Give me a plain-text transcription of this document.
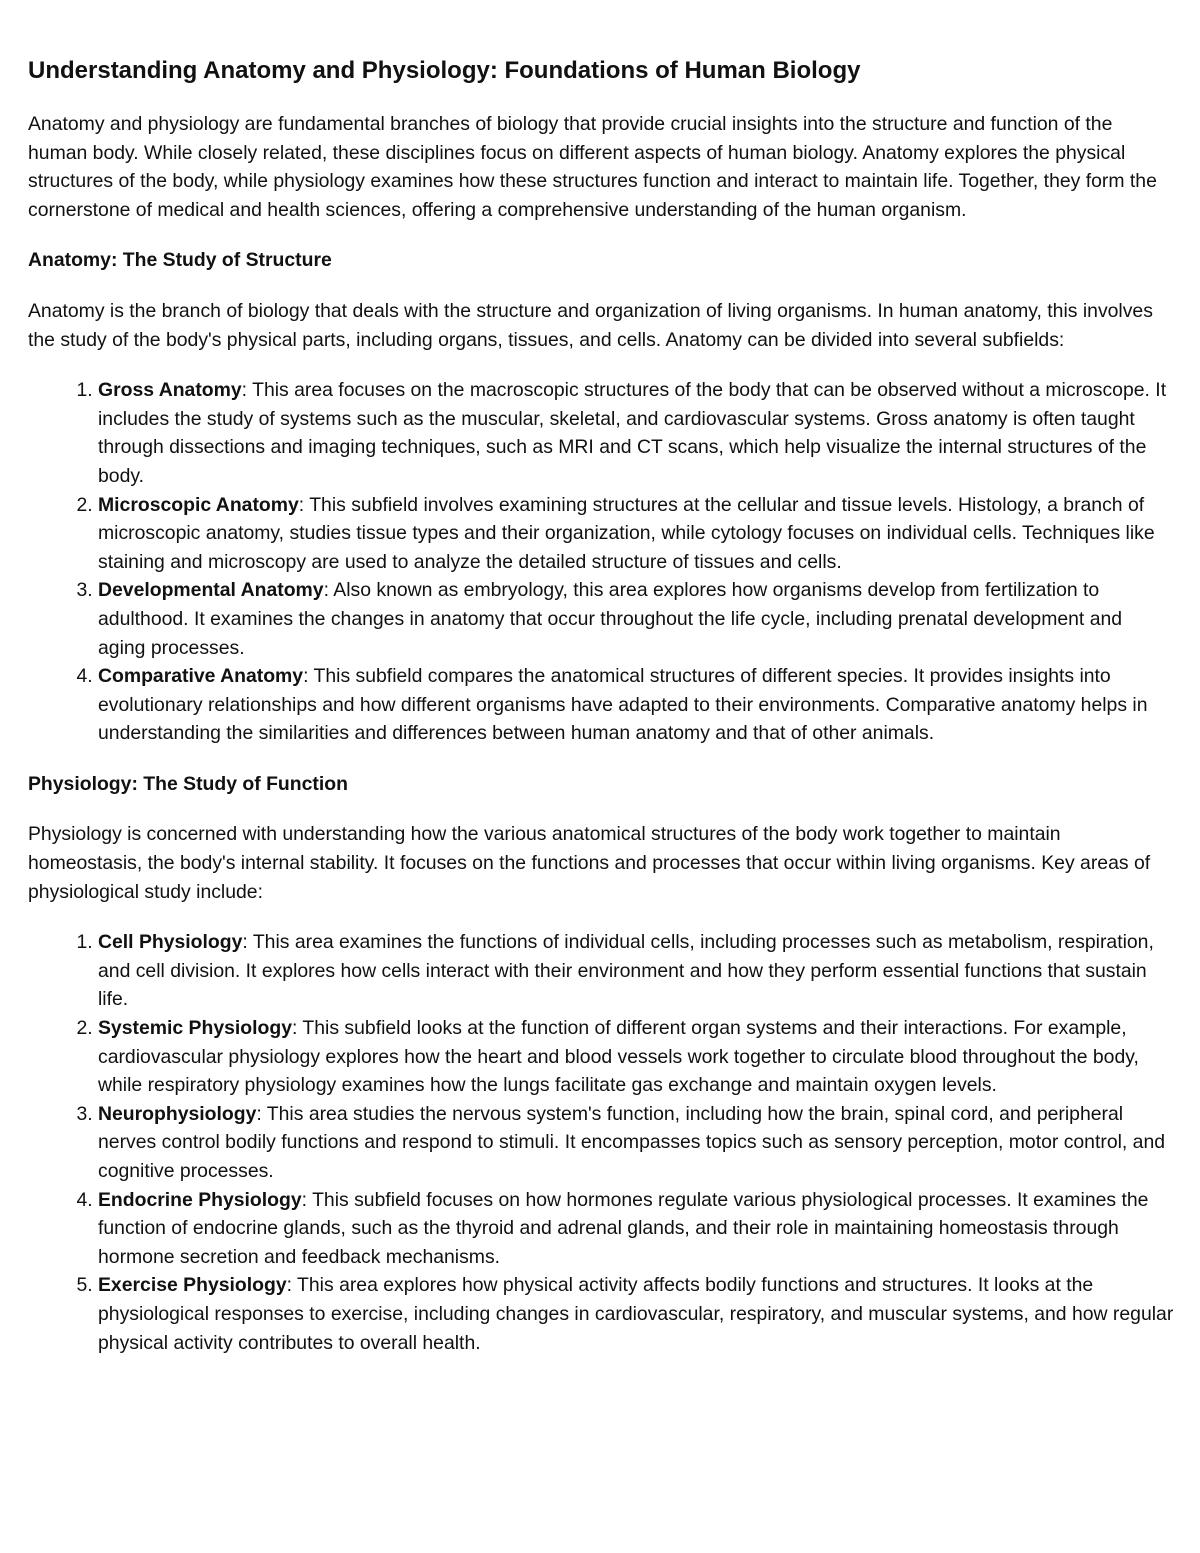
Understanding Anatomy and Physiology: Foundations of Human Biology

Anatomy and physiology are fundamental branches of biology that provide crucial insights into the structure and function of the human body. While closely related, these disciplines focus on different aspects of human biology. Anatomy explores the physical structures of the body, while physiology examines how these structures function and interact to maintain life. Together, they form the cornerstone of medical and health sciences, offering a comprehensive understanding of the human organism.

Anatomy: The Study of Structure

Anatomy is the branch of biology that deals with the structure and organization of living organisms. In human anatomy, this involves the study of the body's physical parts, including organs, tissues, and cells. Anatomy can be divided into several subfields:

1. Gross Anatomy: This area focuses on the macroscopic structures of the body that can be observed without a microscope. It includes the study of systems such as the muscular, skeletal, and cardiovascular systems. Gross anatomy is often taught through dissections and imaging techniques, such as MRI and CT scans, which help visualize the internal structures of the body.
2. Microscopic Anatomy: This subfield involves examining structures at the cellular and tissue levels. Histology, a branch of microscopic anatomy, studies tissue types and their organization, while cytology focuses on individual cells. Techniques like staining and microscopy are used to analyze the detailed structure of tissues and cells.
3. Developmental Anatomy: Also known as embryology, this area explores how organisms develop from fertilization to adulthood. It examines the changes in anatomy that occur throughout the life cycle, including prenatal development and aging processes.
4. Comparative Anatomy: This subfield compares the anatomical structures of different species. It provides insights into evolutionary relationships and how different organisms have adapted to their environments. Comparative anatomy helps in understanding the similarities and differences between human anatomy and that of other animals.
Physiology: The Study of Function

Physiology is concerned with understanding how the various anatomical structures of the body work together to maintain homeostasis, the body's internal stability. It focuses on the functions and processes that occur within living organisms. Key areas of physiological study include:

1. Cell Physiology: This area examines the functions of individual cells, including processes such as metabolism, respiration, and cell division. It explores how cells interact with their environment and how they perform essential functions that sustain life.
2. Systemic Physiology: This subfield looks at the function of different organ systems and their interactions. For example, cardiovascular physiology explores how the heart and blood vessels work together to circulate blood throughout the body, while respiratory physiology examines how the lungs facilitate gas exchange and maintain oxygen levels.
3. Neurophysiology: This area studies the nervous system's function, including how the brain, spinal cord, and peripheral nerves control bodily functions and respond to stimuli. It encompasses topics such as sensory perception, motor control, and cognitive processes.
4. Endocrine Physiology: This subfield focuses on how hormones regulate various physiological processes. It examines the function of endocrine glands, such as the thyroid and adrenal glands, and their role in maintaining homeostasis through hormone secretion and feedback mechanisms.
5. Exercise Physiology: This area explores how physical activity affects bodily functions and structures. It looks at the physiological responses to exercise, including changes in cardiovascular, respiratory, and muscular systems, and how regular physical activity contributes to overall health.
